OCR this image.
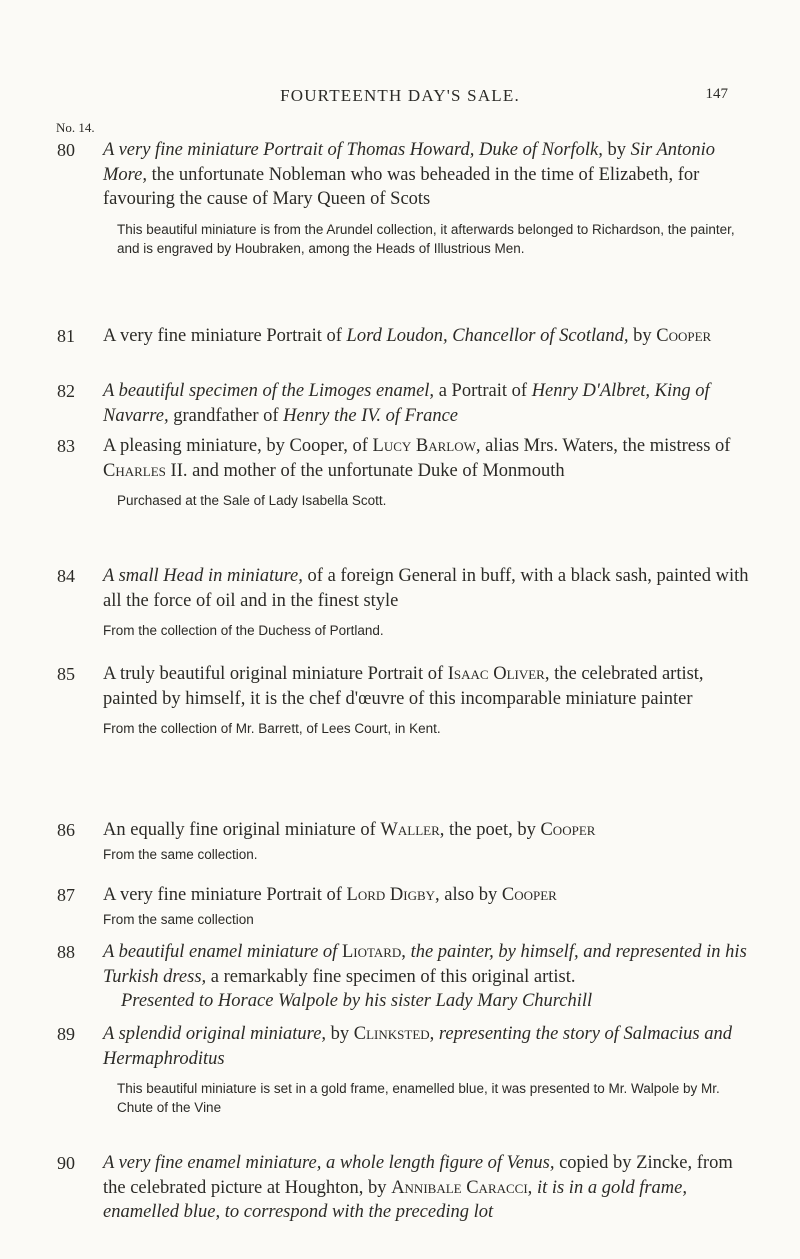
FOURTEENTH DAY'S SALE.	147
No. 14.
80 A very fine miniature Portrait of Thomas Howard, Duke of Norfolk, by Sir Antonio More, the unfortunate Nobleman who was beheaded in the time of Elizabeth, for favouring the cause of Mary Queen of Scots

This beautiful miniature is from the Arundel collection, it afterwards belonged to Richardson, the painter, and is engraved by Houbraken, among the Heads of Illustrious Men.

81 A very fine miniature Portrait of Lord Loudon, Chancellor of Scotland, by Cooper

82 A beautiful specimen of the Limoges enamel, a Portrait of Henry D'Albret, King of Navarre, grandfather of Henry the IV. of France

83 A pleasing miniature, by Cooper, of Lucy Barlow, alias Mrs. Waters, the mistress of Charles II. and mother of the unfortunate Duke of Monmouth

Purchased at the Sale of Lady Isabella Scott.

84 A small Head in miniature, of a foreign General in buff, with a black sash, painted with all the force of oil and in the finest style

From the collection of the Duchess of Portland.

85 A truly beautiful original miniature Portrait of Isaac Oliver, the celebrated artist, painted by himself, it is the chef d'œuvre of this incomparable miniature painter

From the collection of Mr. Barrett, of Lees Court, in Kent.

86 An equally fine original miniature of Waller, the poet, by Cooper

From the same collection.

87 A very fine miniature Portrait of Lord Digby, also by Cooper

From the same collection

88 A beautiful enamel miniature of Liotard, the painter, by himself, and represented in his Turkish dress, a remarkably fine specimen of this original artist.
Presented to Horace Walpole by his sister Lady Mary Churchill

89 A splendid original miniature, by Clinksted, representing the story of Salmacius and Hermaphroditus

This beautiful miniature is set in a gold frame, enamelled blue, it was presented to Mr. Walpole by Mr. Chute of the Vine

90 A very fine enamel miniature, a whole length figure of Venus, copied by Zincke, from the celebrated picture at Houghton, by Annibale Caracci, it is in a gold frame, enamelled blue, to correspond with the preceding lot
